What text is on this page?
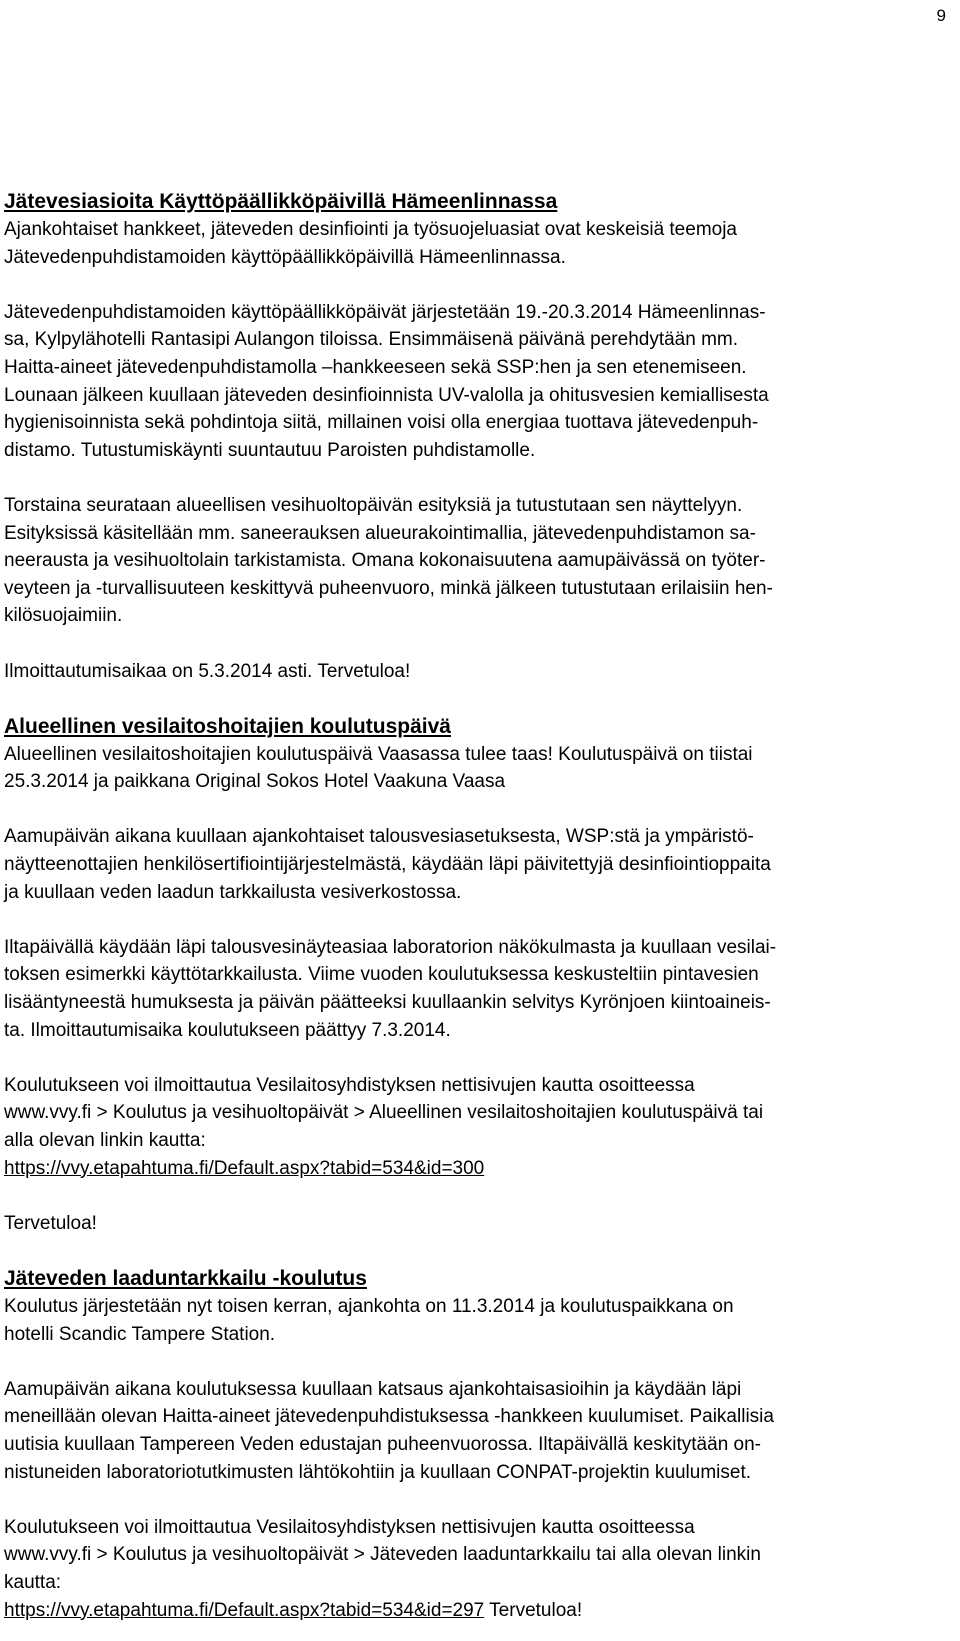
9
Jätevesiasioita Käyttöpäällikköpäivillä Hämeenlinnassa
Ajankohtaiset hankkeet, jäteveden desinfiointi ja työsuojeluasiat ovat keskeisiä teemoja
Jätevedenpuhdistamoiden käyttöpäällikköpäivillä Hämeenlinnassa.
Jätevedenpuhdistamoiden käyttöpäällikköpäivät järjestetään 19.-20.3.2014 Hämeenlinnas-
sa, Kylpylähotelli Rantasipi Aulangon tiloissa. Ensimmäisenä päivänä perehdytään mm.
Haitta-aineet jätevedenpuhdistamolla –hankkeeseen sekä SSP:hen ja sen etenemiseen.
Lounaan jälkeen kuullaan jäteveden desinfioinnista UV-valolla ja ohitusvesien kemiallisesta
hygienisoinnista sekä pohdintoja siitä, millainen voisi olla energiaa tuottava jätevedenpuh-
distamo. Tutustumiskäynti suuntautuu Paroisten puhdistamolle.
Torstaina seurataan alueellisen vesihuoltopäivän esityksiä ja tutustutaan sen näyttelyyn.
Esityksissä käsitellään mm. saneerauksen alueurakointimallia, jätevedenpuhdistamon sa-
neerausta ja vesihuoltolain tarkistamista. Omana kokonaisuutena aamupäivässä on työter-
veyteen ja -turvallisuuteen keskittyvä puheenvuoro, minkä jälkeen tutustutaan erilaisiin hen-
kilösuojaimiin.
Ilmoittautumisaikaa on 5.3.2014 asti. Tervetuloa!
Alueellinen vesilaitoshoitajien koulutuspäivä
Alueellinen vesilaitoshoitajien koulutuspäivä Vaasassa tulee taas! Koulutuspäivä on tiistai
25.3.2014 ja paikkana Original Sokos Hotel Vaakuna Vaasa
Aamupäivän aikana kuullaan ajankohtaiset talousvesiasetuksesta, WSP:stä ja ympäristö-
näytteenottajien henkilösertifiointijärjestelmästä, käydään läpi päivitettyjä desinfiointioppaita
ja kuullaan veden laadun tarkkailusta vesiverkostossa.
Iltapäivällä käydään läpi talousvesinäyteasiaa laboratorion näkökulmasta ja kuullaan vesilai-
toksen esimerkki käyttötarkkailusta. Viime vuoden koulutuksessa keskusteltiin pintavesien
lisääntyneestä humuksesta ja päivän päätteeksi kuullaankin selvitys Kyrönjoen kiintoaineis-
ta. Ilmoittautumisaika koulutukseen päättyy 7.3.2014.
Koulutukseen voi ilmoittautua Vesilaitosyhdistyksen nettisivujen kautta osoitteessa
www.vvy.fi > Koulutus ja vesihuoltopäivät > Alueellinen vesilaitoshoitajien koulutuspäivä tai
alla olevan linkin kautta:
https://vvy.etapahtuma.fi/Default.aspx?tabid=534&id=300
Tervetuloa!
Jäteveden laaduntarkkailu -koulutus
Koulutus järjestetään nyt toisen kerran, ajankohta on 11.3.2014 ja koulutuspaikkana on
hotelli Scandic Tampere Station.
Aamupäivän aikana koulutuksessa kuullaan katsaus ajankohtaisasioihin ja käydään läpi
meneillään olevan Haitta-aineet jätevedenpuhdistuksessa -hankkeen kuulumiset. Paikallisia
uutisia kuullaan Tampereen Veden edustajan puheenvuorossa. Iltapäivällä keskitytään on-
nistuneiden laboratoriotutkimusten lähtökohtiin ja kuullaan CONPAT-projektin kuulumiset.
Koulutukseen voi ilmoittautua Vesilaitosyhdistyksen nettisivujen kautta osoitteessa
www.vvy.fi > Koulutus ja vesihuoltopäivät > Jäteveden laaduntarkkailu tai alla olevan linkin
kautta:
https://vvy.etapahtuma.fi/Default.aspx?tabid=534&id=297 Tervetuloa!
